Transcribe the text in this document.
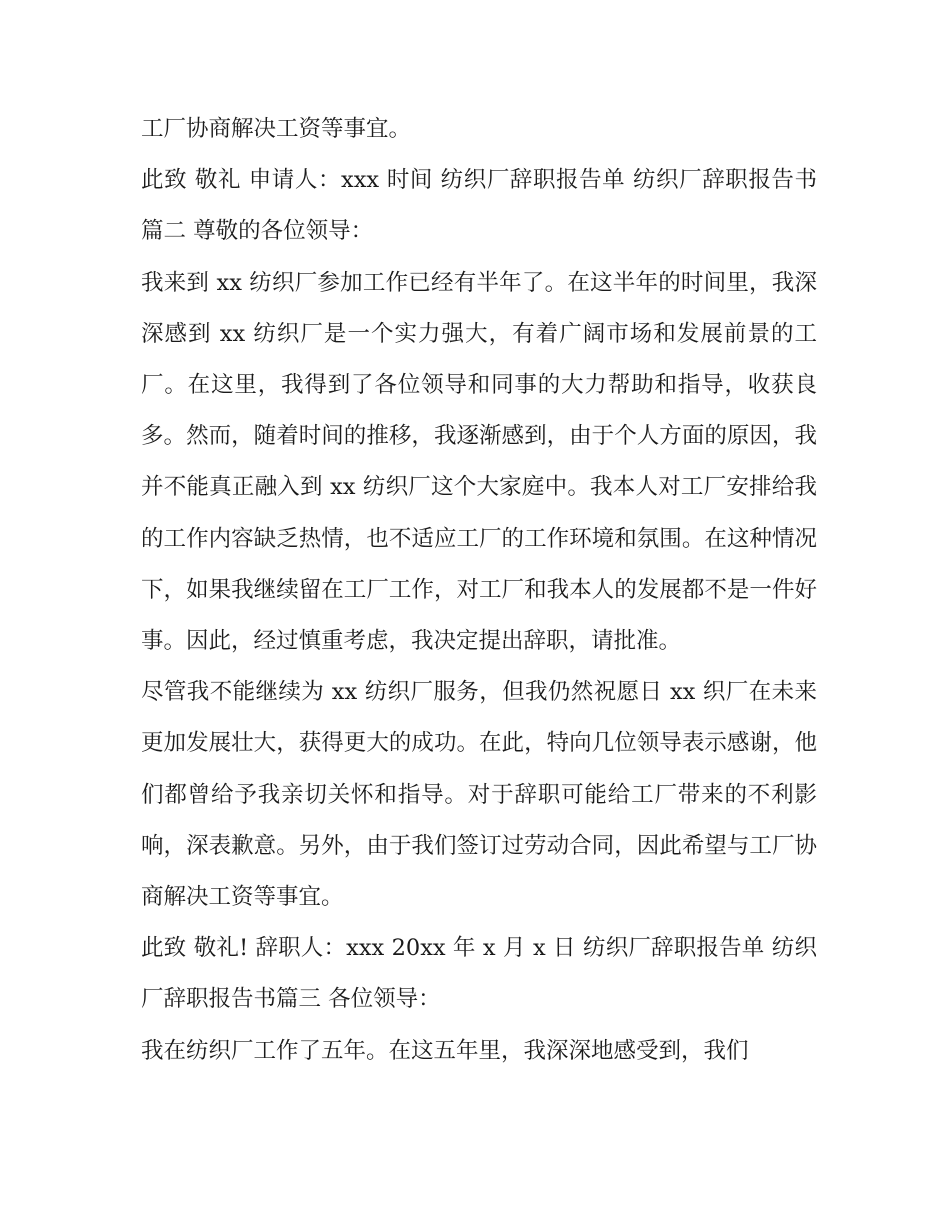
工厂协商解决工资等事宜。

此致 敬礼 申请人：xxx 时间 纺织厂辞职报告单 纺织厂辞职报告书篇二 尊敬的各位领导：

我来到 xx 纺织厂参加工作已经有半年了。在这半年的时间里，我深深感到 xx 纺织厂是一个实力强大，有着广阔市场和发展前景的工厂。在这里，我得到了各位领导和同事的大力帮助和指导，收获良多。然而，随着时间的推移，我逐渐感到，由于个人方面的原因，我并不能真正融入到 xx 纺织厂这个大家庭中。我本人对工厂安排给我的工作内容缺乏热情，也不适应工厂的工作环境和氛围。在这种情况下，如果我继续留在工厂工作，对工厂和我本人的发展都不是一件好事。因此，经过慎重考虑，我决定提出辞职，请批准。

尽管我不能继续为 xx 纺织厂服务，但我仍然祝愿日 xx 织厂在未来更加发展壮大，获得更大的成功。在此，特向几位领导表示感谢，他们都曾给予我亲切关怀和指导。对于辞职可能给工厂带来的不利影响，深表歉意。另外，由于我们签订过劳动合同，因此希望与工厂协商解决工资等事宜。

此致 敬礼! 辞职人：xxx 20xx 年 x 月 x 日 纺织厂辞职报告单 纺织厂辞职报告书篇三 各位领导：

我在纺织厂工作了五年。在这五年里，我深深地感受到，我们
